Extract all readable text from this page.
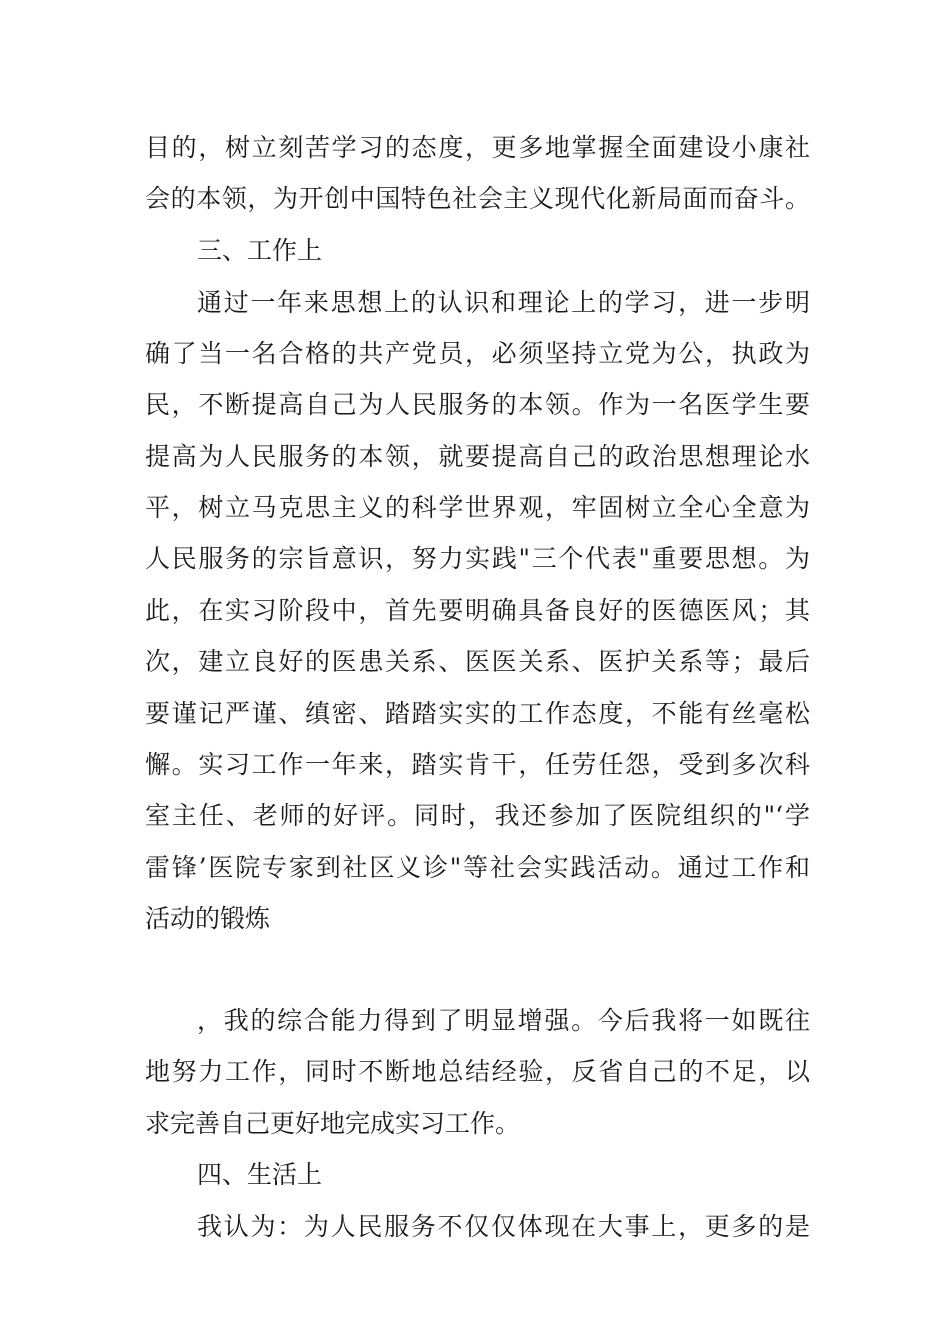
目的，树立刻苦学习的态度，更多地掌握全面建设小康社
会的本领，为开创中国特色社会主义现代化新局面而奋斗。
三、工作上
通过一年来思想上的认识和理论上的学习，进一步明
确了当一名合格的共产党员，必须坚持立党为公，执政为
民，不断提高自己为人民服务的本领。作为一名医学生要
提高为人民服务的本领，就要提高自己的政治思想理论水
平，树立马克思主义的科学世界观，牢固树立全心全意为
人民服务的宗旨意识，努力实践"三个代表"重要思想。为
此，在实习阶段中，首先要明确具备良好的医德医风；其
次，建立良好的医患关系、医医关系、医护关系等；最后
要谨记严谨、缜密、踏踏实实的工作态度，不能有丝毫松
懈。实习工作一年来，踏实肯干，任劳任怨，受到多次科
室主任、老师的好评。同时，我还参加了医院组织的"‘学
雷锋’医院专家到社区义诊"等社会实践活动。通过工作和
活动的锻炼
，我的综合能力得到了明显增强。今后我将一如既往
地努力工作，同时不断地总结经验，反省自己的不足，以
求完善自己更好地完成实习工作。
四、生活上
我认为：为人民服务不仅仅体现在大事上，更多的是
